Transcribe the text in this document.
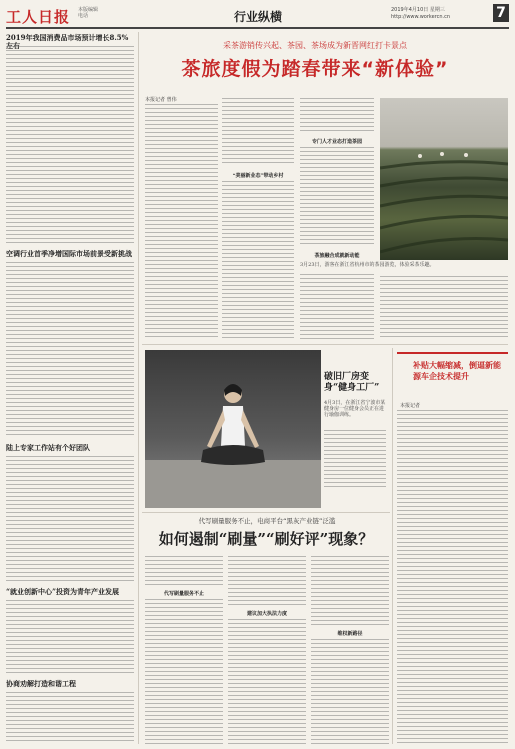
工人日报 本版编辑
电话	行业纵横	2019年4月10日 星期三
http://www.workercn.cn	7
2019年我国消费品市场预计增长8.5%左右
空调行业首季净增国际市场前景受新挑战
陆上专家工作站有个好团队
“就业创新中心”投资为青年产业发展
协商劝解打造和谐工程
采茶游销传兴起、茶园、茶场成为新晋网红打卡景点
茶旅度假为踏春带来“新体验”
本报记者 曾伟
“美丽新业态”带动乡村
专门人才业态打造茶园
3月23日，游客在浙江省杭州市的茶园游览，体验采茶乐趣。
茶旅融合成就新动能
破旧厂房变身“健身工厂”
4月3日，在浙江省宁波市某健身房一位健身会员正在进行瑜伽训练。
补贴大幅缩减，倒逼新能源车企技术提升
本报记者
代写刷量服务不止，电商平台“黑灰产业链”泛滥
如何遏制“刷量”“刷好评”现象？
代写刷量服务不止
建议加大执法力度
维权新路径
